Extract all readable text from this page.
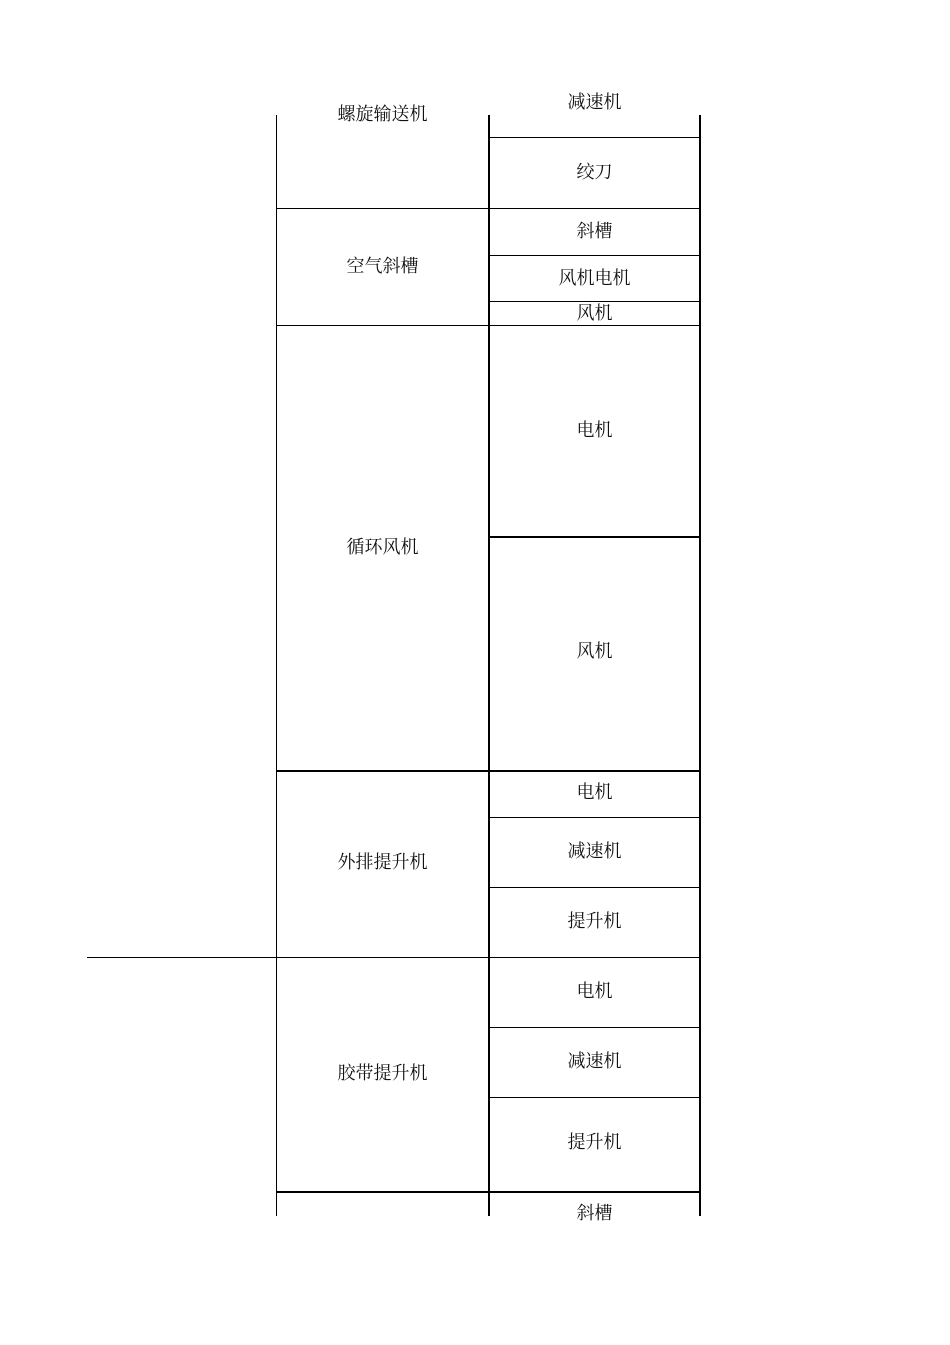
螺旋输送机
空气斜槽
循环风机
外排提升机
胶带提升机
减速机
绞刀
斜槽
风机电机
风机
电机
风机
电机
减速机
提升机
电机
减速机
提升机
斜槽
